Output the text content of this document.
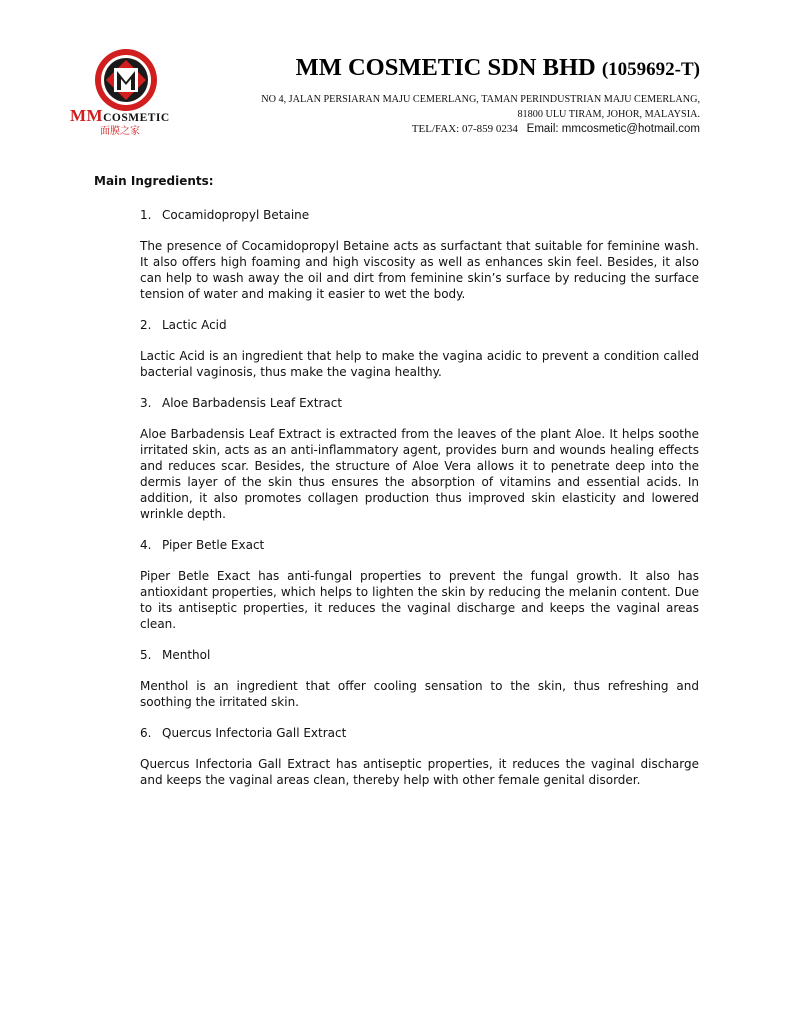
MMCOSMETIC
面膜之家
MM COSMETIC SDN BHD (1059692-T)
NO 4, JALAN PERSIARAN MAJU CEMERLANG, TAMAN PERINDUSTRIAN MAJU CEMERLANG,
81800 ULU TIRAM, JOHOR, MALAYSIA.
TEL/FAX: 07-859 0234 Email: mmcosmetic@hotmail.com
Main Ingredients:

1. Cocamidopropyl Betaine

The presence of Cocamidopropyl Betaine acts as surfactant that suitable for feminine wash. It also offers high foaming and high viscosity as well as enhances skin feel. Besides, it also can help to wash away the oil and dirt from feminine skin’s surface by reducing the surface tension of water and making it easier to wet the body.

2. Lactic Acid

Lactic Acid is an ingredient that help to make the vagina acidic to prevent a condition called bacterial vaginosis, thus make the vagina healthy.

3. Aloe Barbadensis Leaf Extract

Aloe Barbadensis Leaf Extract is extracted from the leaves of the plant Aloe. It helps soothe irritated skin, acts as an anti-inflammatory agent, provides burn and wounds healing effects and reduces scar. Besides, the structure of Aloe Vera allows it to penetrate deep into the dermis layer of the skin thus ensures the absorption of vitamins and essential acids. In addition, it also promotes collagen production thus improved skin elasticity and lowered wrinkle depth.

4. Piper Betle Exact

Piper Betle Exact has anti-fungal properties to prevent the fungal growth. It also has antioxidant properties, which helps to lighten the skin by reducing the melanin content. Due to its antiseptic properties, it reduces the vaginal discharge and keeps the vaginal areas clean.

5. Menthol

Menthol is an ingredient that offer cooling sensation to the skin, thus refreshing and soothing the irritated skin.

6. Quercus Infectoria Gall Extract

Quercus Infectoria Gall Extract has antiseptic properties, it reduces the vaginal discharge and keeps the vaginal areas clean, thereby help with other female genital disorder.
